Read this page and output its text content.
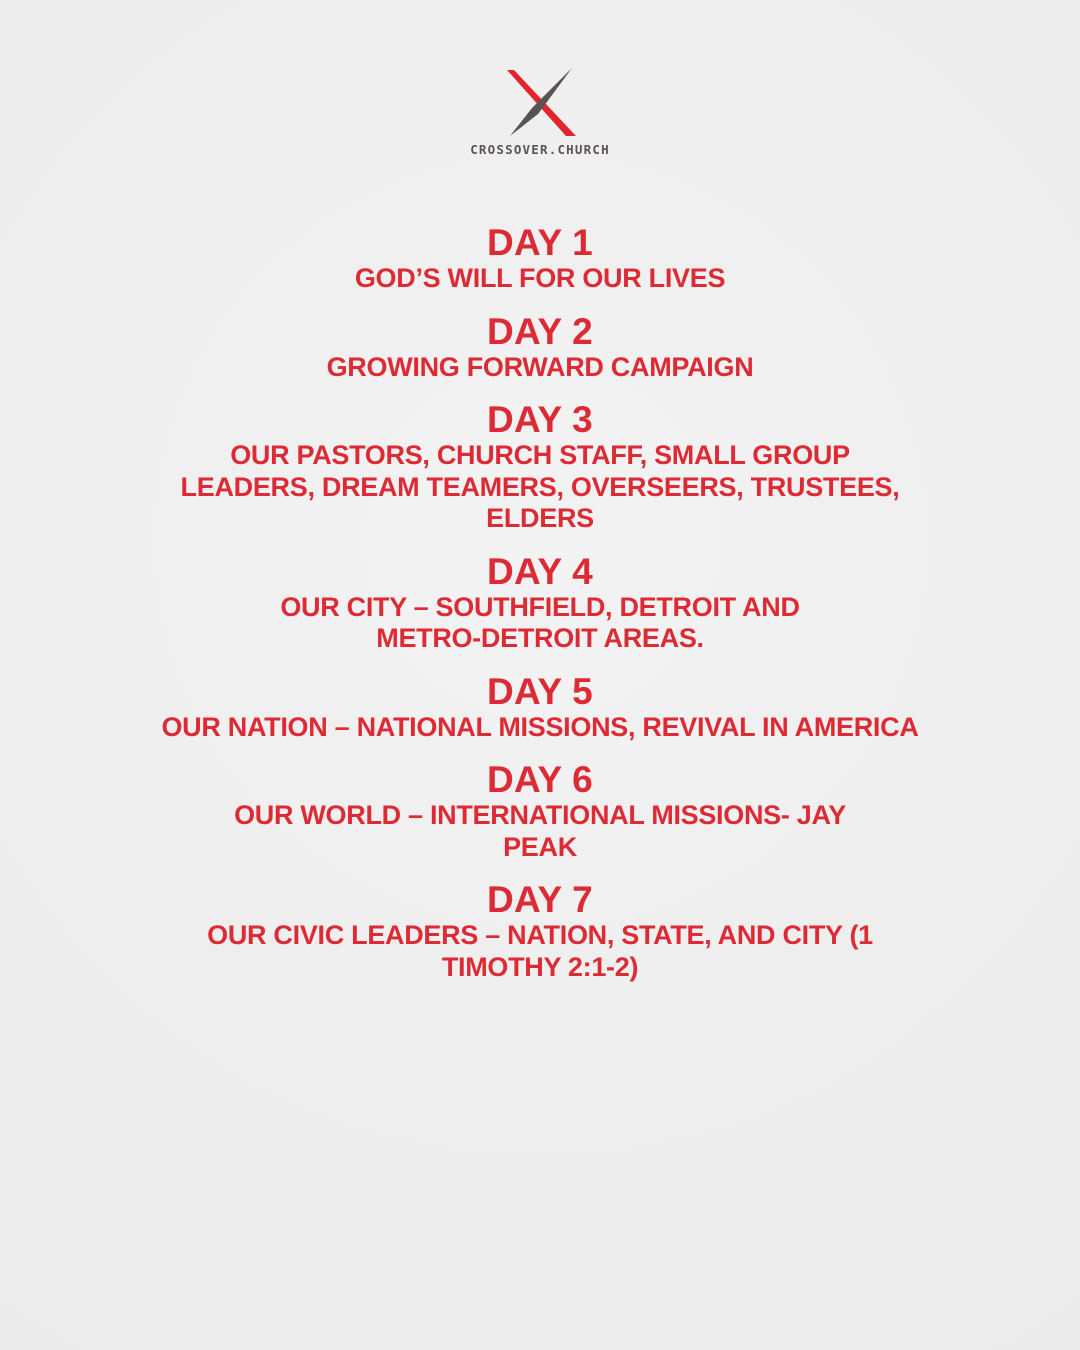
CROSSOVER.CHURCH
DAY 1
GOD’S WILL FOR OUR LIVES
DAY 2
GROWING FORWARD CAMPAIGN
DAY 3
OUR PASTORS, CHURCH STAFF, SMALL GROUP LEADERS, DREAM TEAMERS, OVERSEERS, TRUSTEES, ELDERS
DAY 4
OUR CITY – SOUTHFIELD, DETROIT AND METRO-DETROIT AREAS.
DAY 5
OUR NATION – NATIONAL MISSIONS, REVIVAL IN AMERICA
DAY 6
OUR WORLD – INTERNATIONAL MISSIONS- JAY PEAK
DAY 7
OUR CIVIC LEADERS – NATION, STATE, AND CITY (1 TIMOTHY 2:1-2)
